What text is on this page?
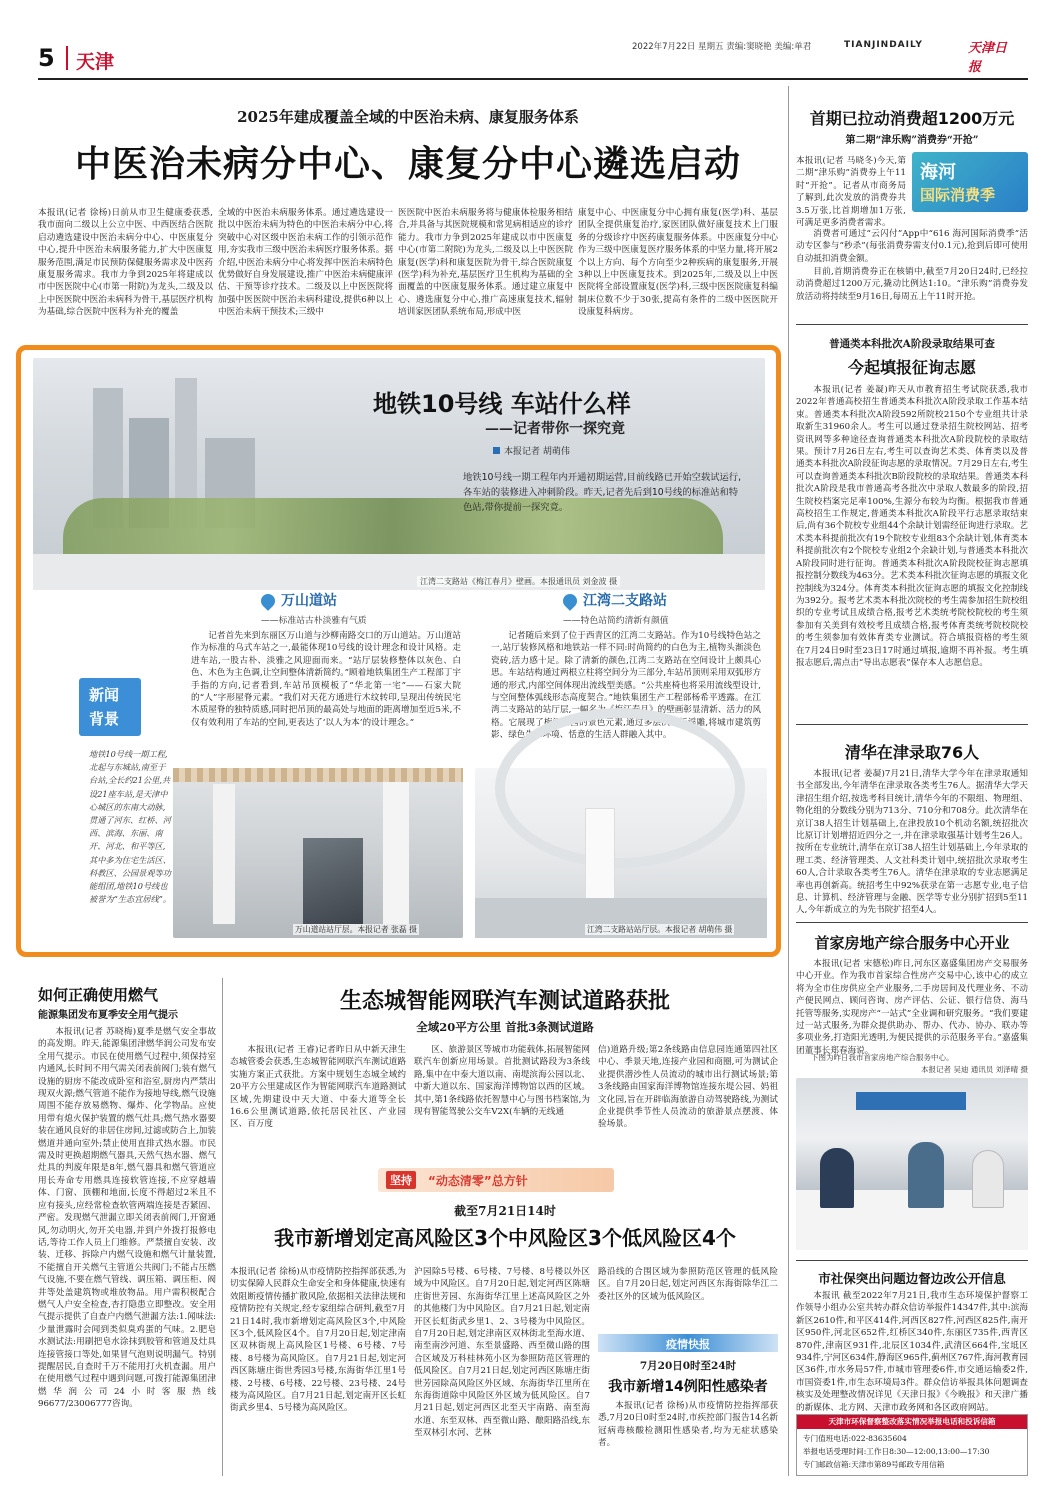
5 天津
2022年7月22日 星期五 责编:窦晓艳 美编:单君	TIANJINDAILY	天津日报
2025年建成覆盖全域的中医治未病、康复服务体系
中医治未病分中心、康复分中心遴选启动
本报讯(记者 徐杨)日前从市卫生健康委获悉,我市面向二级以上公立中医、中西医结合医院启动遴选建设中医治未病分中心、中医康复分中心,提升中医治未病服务能力,扩大中医康复服务范围,满足市民预防保健服务需求及中医药康复服务需求。我市力争到2025年将建成以市中医医院中心(市第一附院)为龙头,二级及以上中医医院中医治未病科为骨干,基层医疗机构为基础,综合医院中医科为补充的覆盖
全域的中医治未病服务体系。通过遴选建设一批以中医治未病为特色的中医治未病分中心,将突破中心对区级中医治未病工作的引领示范作用,夯实我市三级中医治未病医疗服务体系。据介绍,中医治未病分中心将发挥中医治未病特色优势做好自身发展建设,推广中医治未病健康评估、干预等诊疗技术。二级及以上中医医院将加强中医医院中医治未病科建设,提供6种以上中医治未病干预技术;三级中
医医院中医治未病服务将与健康体检服务相结合,并具备与其医院规模和常见病相适应的诊疗能力。我市力争到2025年建成以市中医康复中心(市第二附院)为龙头,二级及以上中医医院康复(医学)科和康复医院为骨干,综合医院康复(医学)科为补充,基层医疗卫生机构为基础的全面覆盖的中医康复服务体系。通过建立康复中心、遴选康复分中心,推广高速康复技术,辐射培训家医团队系统布局,形成中医
康复中心、中医康复分中心拥有康复(医学)科、基层团队全提供康复治疗,家医团队做好康复技术上门服务的分级诊疗中医药康复服务体系。中医康复分中心作为三级中医康复医疗服务体系的中坚力量,将开展2个以上方向、每个方向至少2种疾病的康复服务,开展3种以上中医康复技术。到2025年,二级及以上中医医院将全部设置康复(医学)科,三级中医医院康复科编制床位数不少于30张,提高有条件的二级中医医院开设康复科病房。
首期已拉动消费超1200万元
第二期“津乐购”消费券“开抢”
海河
国际消费季
本报讯(记者 马晓冬)今天,第二期“津乐购”消费券上午11时“开抢”。记者从市商务局了解到,此次发放的消费券共3.5万张,比首期增加1万张,可满足更多消费者需求。
消费者可通过“云闪付”App中“616 海河国际消费季”活动专区参与“秒杀”(每张消费券需支付0.1元),抢到后即可使用自动抵扣消费金额。
目前,首期消费券正在核销中,截至7月20日24时,已经拉动消费超过1200万元,撬动比例达1:10。“津乐购”消费券发放活动将持续至9月16日,每周五上午11时开抢。
普通类本科批次A阶段录取结果可查
今起填报征询志愿
本报讯(记者 姜凝)昨天从市教育招生考试院获悉,我市2022年普通高校招生普通类本科批次A阶段录取工作基本结束。普通类本科批次A阶段592所院校2150个专业组共计录取新生31960余人。考生可以通过登录招生院校网站、招考资讯网等多种途径查询普通类本科批次A阶段院校的录取结果。预计7月26日左右,考生可以查询艺术类、体育类以及普通类本科批次A阶段征询志愿的录取情况。7月29日左右,考生可以查询普通类本科批次B阶段院校的录取结果。普通类本科批次A阶段是我市普通高考各批次中录取人数最多的阶段,招生院校档案完足率100%,生源分布较为均衡。根据我市普通高校招生工作规定,普通类本科批次A阶段平行志愿录取结束后,尚有36个院校专业组44个余缺计划需经征询进行录取。艺术类本科提前批次有19个院校专业组83个余缺计划,体育类本科提前批次有2个院校专业组2个余缺计划,与普通类本科批次A阶段同时进行征询。普通类本科批次A阶段院校征询志愿填报控制分数线为463分。艺术类本科批次征询志愿的填报文化控制线为324分。体育类本科批次征询志愿的填报文化控制线为392分。报考艺术类本科批次院校的考生需参加招生院校组织的专业考试且成绩合格,报考艺术类统考院校院校的考生须参加有关美到有效校考且成绩合格,报考体育类统考院校院校的考生须参加有效体育类专业测试。符合填报资格的考生须在7月24日9时至23日17时通过填报,逾期不再补报。考生填报志愿后,需点击“导出志愿表”保存本人志愿信息。
清华在津录取76人
本报讯(记者 姜凝)7月21日,清华大学今年在津录取通知书全部发出,今年清华在津录取各类考生76人。据清华大学天津招生组介绍,按选考科目统计,清华今年的不限组、物理组、物化组的分数线分别为713分、710分和708分。此次清华在京订38人招生计划基础上,在津投放10个机动名额,统招批次比原订计划增招近四分之一,并在津录取强基计划考生26人。按所在专业统计,清华在京订38人招生计划基础上,今年录取的理工类、经济管理类、人文社科类计划中,统招批次录取考生60人,合计录取各类考生76人。清华在津录取的专业志愿满足率也再创新高。统招考生中92%获录在第一志愿专业,电子信息、计算机、经济管理与金融、医学等专业分别扩招到5至11人,今年新成立的为先书院扩招至4人。
首家房地产综合服务中心开业
本报讯(记者 宋德松)昨日,河东区嘉盛集团房产交易服务中心开业。作为我市首家综合性房产交易中心,该中心的成立将为全市住房供应全产业服务,二手房居间及代理业务、不动产便民网点、顾问咨询、房产评估、公证、银行信贷、海马托管等服务,实现房产“一站式”全业调和研究服务。“我们要建过一站式服务,为群众提供助办、帮办、代办、协办、联办等多项业务,打造阳光透明,为便民提供的示范服务平台。”嘉盛集团董事长郑春海说。
下图为昨日我市首家房地产综合服务中心。
本报记者 吴迪 通讯员 刘泽晴 摄
市社保突出问题边督边改公开信息
本报讯 截至2022年7月21日,我市生态环境保护督察工作领导小组办公室共转办群众信访举报件14347件,其中:滨海新区2610件,和平区414件,河西区827件,河西区825件,南开区950件,河北区652件,红桥区340件,东丽区735件,西青区870件,津南区931件,北辰区1034件,武清区664件,宝坻区934件,宁河区634件,静海区965件,蓟州区767件,海河教育园区36件,市水务局57件,市城市管理委6件,市交通运输委2件,市国资委1件,市生态环境局3件。群众信访举报具体问题调查核实及处理整改情况详见《天津日报》《今晚报》和天津广播的新媒体、北方网、天津市政务网和各区政府网站。
天津市环保督察整改落实情况举报电话和投诉信箱
专门值班电话:022-83635604
举报电话受理时间:工作日8:30—12:00,13:00—17:30
专门邮政信箱:天津市第89号邮政专用信箱
地铁10号线 车站什么样
——记者带你一探究竟
本报记者 胡萌伟
地铁10号线一期工程年内开通初期运营,目前线路已开始空载试运行,各车站的装修进入冲刺阶段。昨天,记者先后到10号线的标准站和特色站,带你提前一探究竟。
江湾二支路站《梅江春月》壁画。本报通讯员 刘金波 摄
万山道站
——标准站古朴淡雅有气质
江湾二支路站
——特色站简约清新有颜值
新闻
背景
地铁10号线一期工程,北起与东城站,南至于台站,全长约21公里,共设21座车站,是天津中心城区的东南大动脉,贯通了河东、红桥、河西、滨海、东丽、南开、河北、和平等区,其中多为住宅生活区、科教区、公园景观等功能组团,地铁10号线也被誉为“生态宜居线”。
记者首先来到东丽区万山道与沙柳南路交口的万山道站。万山道站作为标准的乌式车站之一,最能体现10号线的设计理念和设计风格。走进车站,一股古朴、淡雅之风迎面而来。“站厅层装修整体以灰色、白色、木色为主色调,让空间整体清新简约。”顾着地铁集团生产工程部丁宇手指的方向,记者看到,车站吊顶模板了“华北第一宅”——石家大院的“人”字形屋脊元素。“我们对天花方通进行木纹转印,呈现出传统民宅木质屋脊的独特质感,同时把吊顶的最高处与地面的距离增加至近5米,不仅有效利用了车站的空间,更表达了‘以人为本’的设计理念。”
记者随后来到了位于西青区的江湾二支路站。作为10号线特色站之一,站厅装修风格和地铁站一样不同:时尚简约的白色为主,植物头渐淡色瓷砖,活力感十足。除了清新的颜色,江湾二支路站在空间设计上颇具心思。车站结构通过两根立柱将空间分为三部分,车站吊顶则采用双弧形方通的形式,内部空间体现出流线型美感。“公共座椅也将采用流线型设计,与空间整体弧线形态高度契合。”地铁集团生产工程部杨希平透露。在江湾二支路站的站厅层,一幅名为《梅江春月》的壁画彰显清新、活力的风格。它展现了梅江公园的景色元素,通过多层次制板浮雕,将城市建筑剪影、绿色生态环境、恬意的生活人群融入其中。
万山道站站厅层。本报记者 张磊 摄	江湾二支路站站厅层。本报记者 胡萌伟 摄
如何正确使用燃气
能源集团发布夏季安全用气提示
本报讯(记者 苏晓梅)夏季是燃气安全事故的高发期。昨天,能源集团津燃华润公司发布安全用气提示。市民在使用燃气过程中,须保持室内通风,长时间不用气需关闭表前阀门;装有燃气设施的厨房不能改成卧室和浴室,厨房内严禁出现双火源;燃气管道不能作为接地导线,燃气设施周围不能存放易燃物、爆炸、化学物品。应使用带有熄火保护装置的燃气灶具;燃气热水器要装在通风良好的非居住房间,过滤或防合上,加装燃道并通向室外;禁止使用直排式热水器。市民需及时更换超期燃气器具,天然气热水器、燃气灶具的判废年限是8年,燃气器具和燃气管道应用长寿命专用燃具连接软管连接,不应穿越墙体、门窗、顶棚和地面,长度不得超过2米且不应有接头,应经常检查软管两端连接是否紧固、严密。发现燃气泄漏立即关闭表前阀门,开窗通风,勿动明火,勿开关电器,并到户外拨打报修电话,等待工作人员上门维修。严禁擅自安装、改装、迁移、拆除户内燃气设施和燃气计量装置,不能擅自开关燃气主管道公共阀门;不能占压燃气设施,不要在燃气管线、调压箱、调压柜、阀井等处盖建筑物或堆放物品。用户需积极配合燃气人户安全检查,杏打隐患立即整改。安全用气提示提供了自查户内燃气泄漏方法:1.闻味法:少量泄露时会闻到类似臭鸡蛋的气味。2.肥皂水测试法:用刷把皂水涂抹到胶管和管道及灶具连接管接口等处,如果冒气泡则说明漏气。特别提醒居民,自查时千万不能用打火机查漏。用户在使用燃气过程中遇到问题,可拨打能源集团津燃华润公司24小时客服热线96677/23006777咨询。
生态城智能网联汽车测试道路获批
全域20平方公里 首批3条测试道路
本报讯(记者 王睿)记者昨日从中新天津生态城管委会获悉,生态城智能网联汽车测试道路实施方案正式获批。方案中规划生态城全域约20平方公里建成区作为智能网联汽车道路测试区域,先期建设中天大道、中泰大道等全长16.6公里测试道路,依托居民社区、产业园区、百万度
区、旅游景区等城市功能载体,拓展智能网联汽车创新应用场景。首批测试路段为3条线路,集中在中泰大道以南、南堤滨海公园以北、中新大道以东、国家海洋博物馆以西的区域。其中,第1条线路依托智慧中心与图书档案馆,为现有智能驾驶公交车V2X(车辆的无线通
信)道路升级;第2条线路由信息园连通第四社区中心、季景天地,连接产业园和商圈,可为测试企业提供潜沙性人员流动的城市出行测试场景;第3条线路由国家海洋博物馆连接东堤公园、妈祖文化园,旨在开辟临海旅游自动驾驶路线,为测试企业提供季节性人员流动的旅游景点摆渡、体验场景。
坚持	“动态清零”总方针
截至7月21日14时
我市新增划定高风险区3个中风险区3个低风险区4个
本报讯(记者 徐杨)从市疫情防控指挥部获悉,为切实保障人民群众生命安全和身体健康,快速有效阻断疫情传播扩散风险,依据相关法律法规和疫情防控有关规定,经专家组综合研判,截至7月21日14时,我市新增划定高风险区3个,中风险区3个,低风险区4个。自7月20日起,划定津南区双林街规上高风险区1号楼、6号楼、7号楼、8号楼为高风险区。自7月21日起,划定河西区陈塘庄街世秀园3号楼,东海街华江里1号楼、2号楼、6号楼、22号楼、23号楼、24号楼为高风险区。自7月21日起,划定南开区长虹街武乡里4、5号楼为高风险区。
沪园除5号楼、6号楼、7号楼、8号楼以外区域为中风险区。自7月20日起,划定河西区陈塘庄街世芳园、东海街华江里上述高风险区之外的其他楼门为中风险区。自7月21日起,划定南开区长虹街武乡里1、2、3号楼为中风险区。自7月20日起,划定津南区双林街北至海水道、南至南沙河道、东至景盛路、西至微山路的围合区域及万科桂林苑小区为参照防范区管理的低风险区。自7月21日起,划定河西区陈塘庄街世芳园除高风险区外区域、东海街华江里所在东海街道除中风险区外区域为低风险区。自7月21日起,划定河西区北至天宇南路、南至海水道、东至双林、西至微山路、酿阳路沿线,东至双林引水河、艺林
路沿线的合围区域为参照防范区管理的低风险区。自7月20日起,划定河西区东海街除华江二委社区外的区域为低风险区。
疫情快报
7月20日0时至24时
我市新增14例阳性感染者
本报讯(记者 徐杨)从市疫情防控指挥部获悉,7月20日0时至24时,市疾控部门报告14名新冠病毒核酸检测阳性感染者,均为无症状感染者。
